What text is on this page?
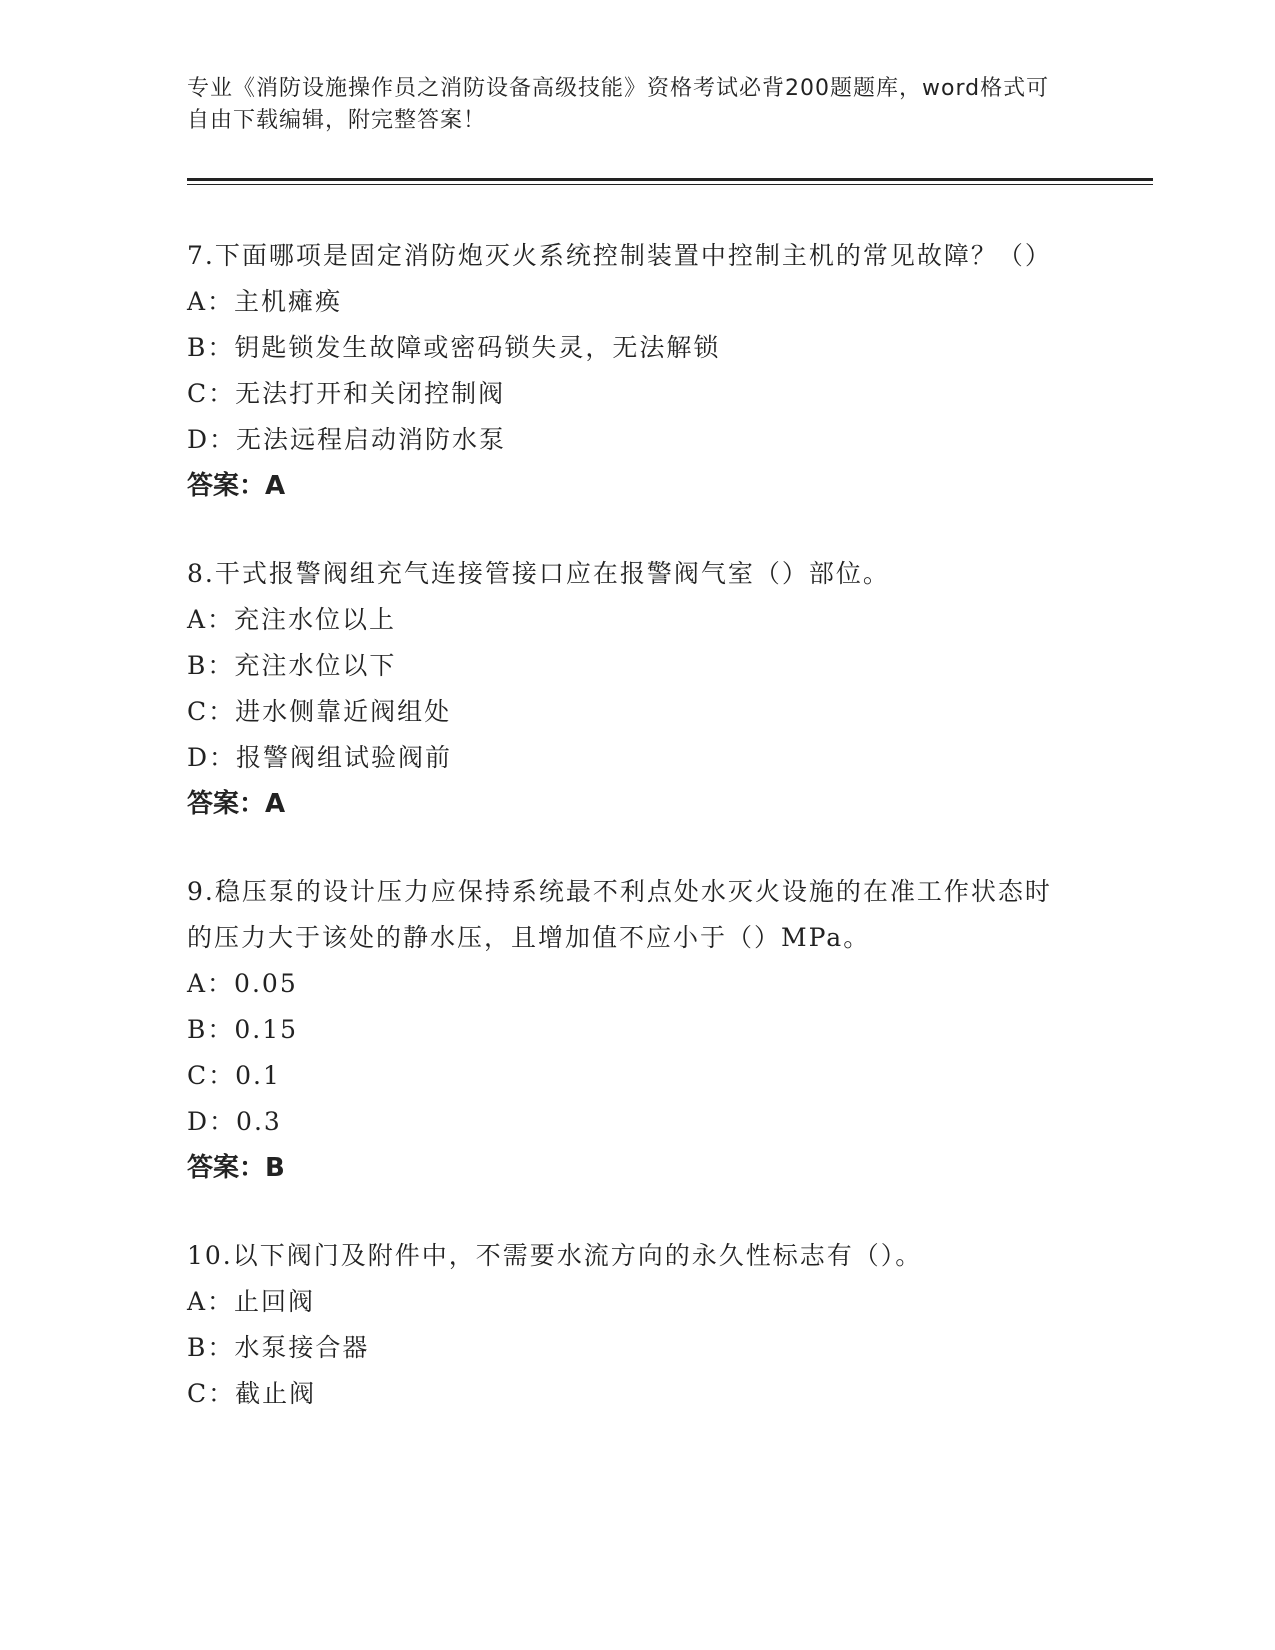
专业《消防设施操作员之消防设备高级技能》资格考试必背200题题库，word格式可自由下载编辑，附完整答案！

7.下面哪项是固定消防炮灭火系统控制装置中控制主机的常见故障？（）

A：主机瘫痪

B：钥匙锁发生故障或密码锁失灵，无法解锁

C：无法打开和关闭控制阀

D：无法远程启动消防水泵

答案：A

8.干式报警阀组充气连接管接口应在报警阀气室（）部位。

A：充注水位以上

B：充注水位以下

C：进水侧靠近阀组处

D：报警阀组试验阀前

答案：A

9.稳压泵的设计压力应保持系统最不利点处水灭火设施的在准工作状态时的压力大于该处的静水压，且增加值不应小于（）MPa。

A：0.05

B：0.15

C：0.1

D：0.3

答案：B

10.以下阀门及附件中，不需要水流方向的永久性标志有（）。

A：止回阀

B：水泵接合器

C：截止阀
